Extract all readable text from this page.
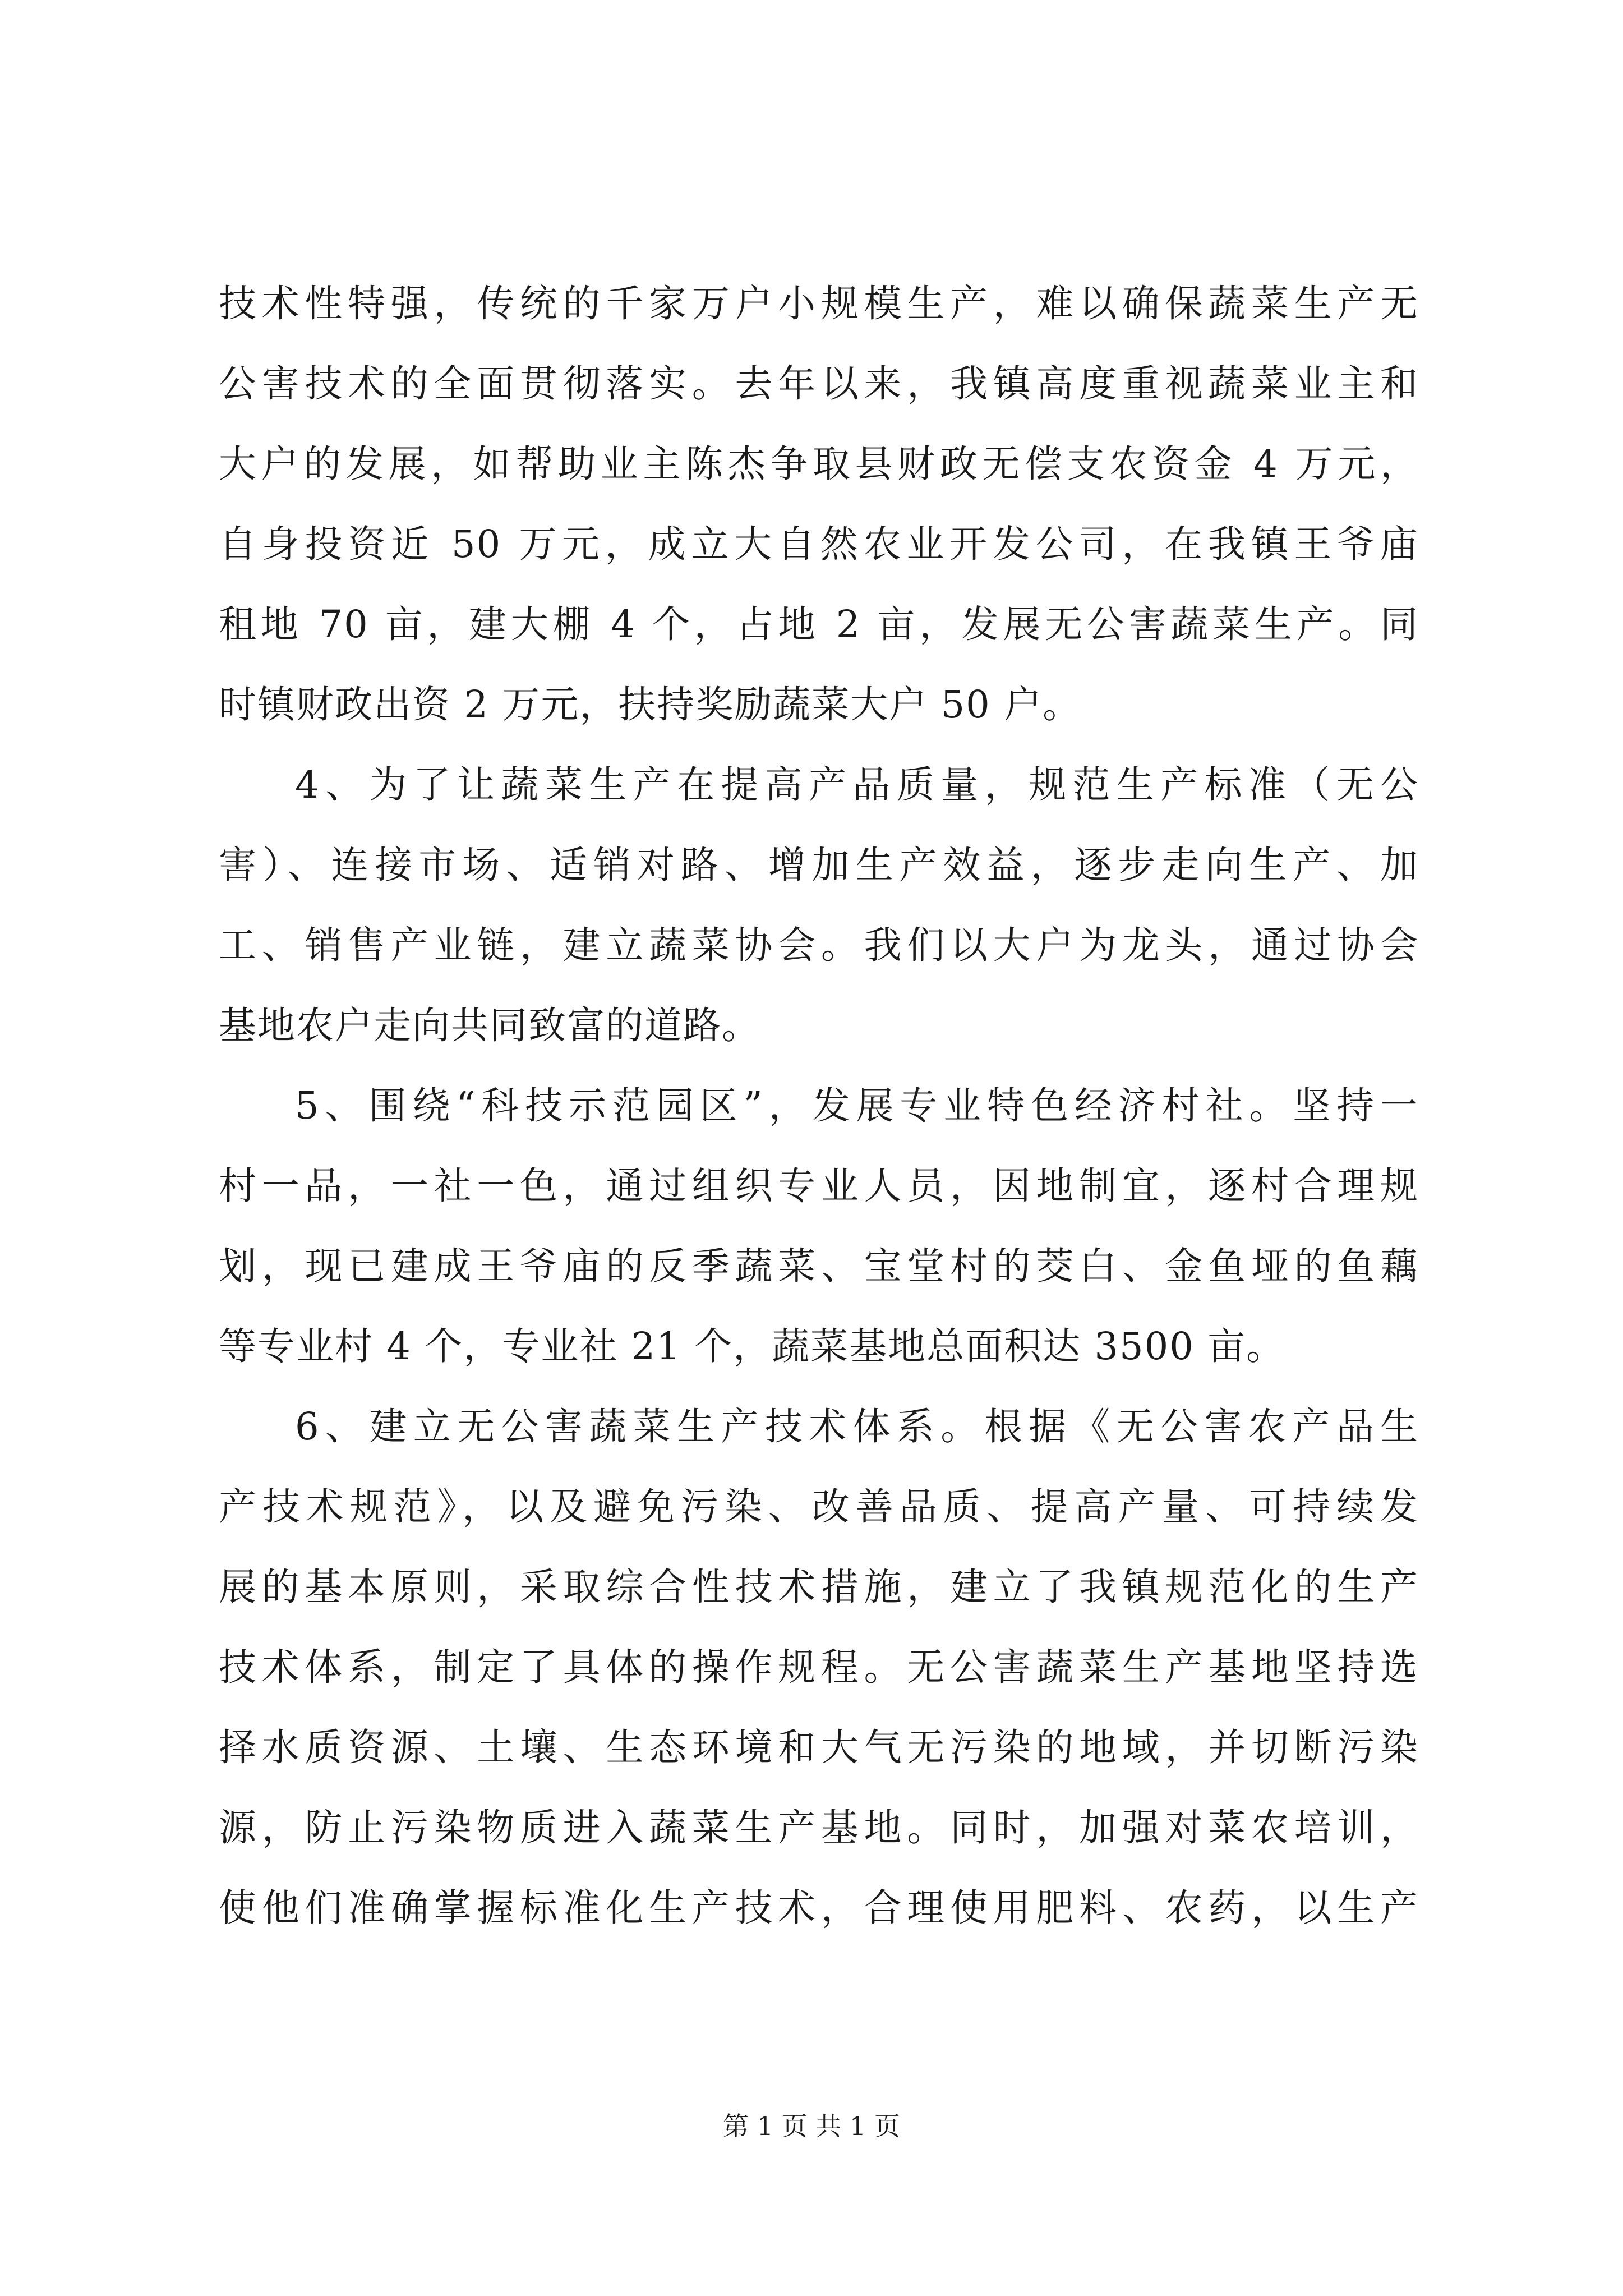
技术性特强，传统的千家万户小规模生产，难以确保蔬菜生产无
公害技术的全面贯彻落实。去年以来，我镇高度重视蔬菜业主和
大户的发展，如帮助业主陈杰争取县财政无偿支农资金 4 万元，
自身投资近 50 万元，成立大自然农业开发公司，在我镇王爷庙
租地 70 亩，建大棚 4 个，占地 2 亩，发展无公害蔬菜生产。同
时镇财政出资 2 万元，扶持奖励蔬菜大户 50 户。
4、为了让蔬菜生产在提高产品质量，规范生产标准（无公
害）、连接市场、适销对路、增加生产效益，逐步走向生产、加
工、销售产业链，建立蔬菜协会。我们以大户为龙头，通过协会
基地农户走向共同致富的道路。
5、围绕“科技示范园区”，发展专业特色经济村社。坚持一
村一品，一社一色，通过组织专业人员，因地制宜，逐村合理规
划，现已建成王爷庙的反季蔬菜、宝堂村的茭白、金鱼垭的鱼藕
等专业村 4 个，专业社 21 个，蔬菜基地总面积达 3500 亩。
6、建立无公害蔬菜生产技术体系。根据《无公害农产品生
产技术规范》，以及避免污染、改善品质、提高产量、可持续发
展的基本原则，采取综合性技术措施，建立了我镇规范化的生产
技术体系，制定了具体的操作规程。无公害蔬菜生产基地坚持选
择水质资源、土壤、生态环境和大气无污染的地域，并切断污染
源，防止污染物质进入蔬菜生产基地。同时，加强对菜农培训，
使他们准确掌握标准化生产技术，合理使用肥料、农药，以生产
第 1 页 共 1 页
